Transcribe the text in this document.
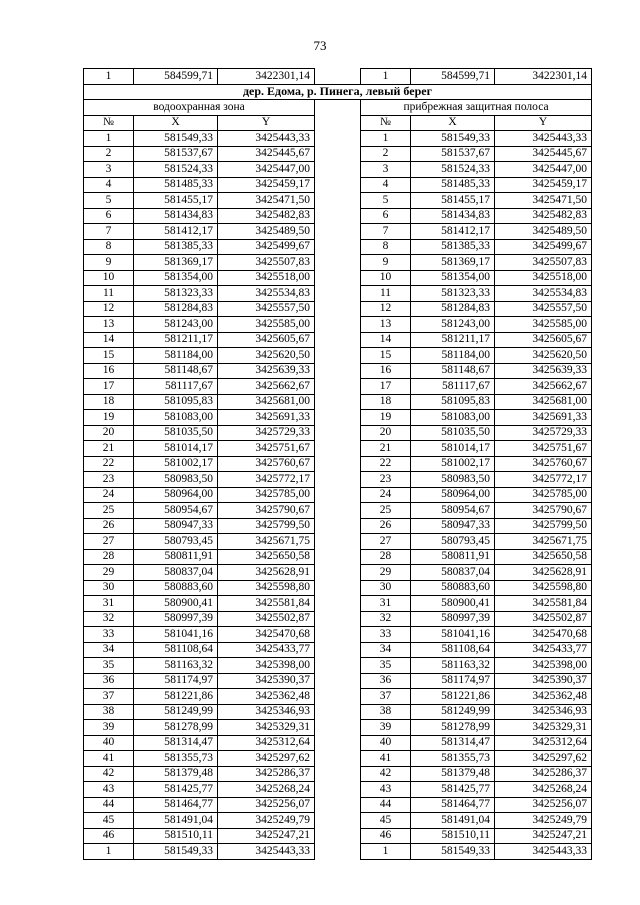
73
1	584599,71	3422301,14		1	584599,71	3422301,14
дер. Едома, р. Пинега, левый берег						
водоохранная зона				прибрежная защитная полоса		
№	X	Y		№	X	Y
1	581549,33	3425443,33		1	581549,33	3425443,33
2	581537,67	3425445,67		2	581537,67	3425445,67
3	581524,33	3425447,00		3	581524,33	3425447,00
4	581485,33	3425459,17		4	581485,33	3425459,17
5	581455,17	3425471,50		5	581455,17	3425471,50
6	581434,83	3425482,83		6	581434,83	3425482,83
7	581412,17	3425489,50		7	581412,17	3425489,50
8	581385,33	3425499,67		8	581385,33	3425499,67
9	581369,17	3425507,83		9	581369,17	3425507,83
10	581354,00	3425518,00		10	581354,00	3425518,00
11	581323,33	3425534,83		11	581323,33	3425534,83
12	581284,83	3425557,50		12	581284,83	3425557,50
13	581243,00	3425585,00		13	581243,00	3425585,00
14	581211,17	3425605,67		14	581211,17	3425605,67
15	581184,00	3425620,50		15	581184,00	3425620,50
16	581148,67	3425639,33		16	581148,67	3425639,33
17	581117,67	3425662,67		17	581117,67	3425662,67
18	581095,83	3425681,00		18	581095,83	3425681,00
19	581083,00	3425691,33		19	581083,00	3425691,33
20	581035,50	3425729,33		20	581035,50	3425729,33
21	581014,17	3425751,67		21	581014,17	3425751,67
22	581002,17	3425760,67		22	581002,17	3425760,67
23	580983,50	3425772,17		23	580983,50	3425772,17
24	580964,00	3425785,00		24	580964,00	3425785,00
25	580954,67	3425790,67		25	580954,67	3425790,67
26	580947,33	3425799,50		26	580947,33	3425799,50
27	580793,45	3425671,75		27	580793,45	3425671,75
28	580811,91	3425650,58		28	580811,91	3425650,58
29	580837,04	3425628,91		29	580837,04	3425628,91
30	580883,60	3425598,80		30	580883,60	3425598,80
31	580900,41	3425581,84		31	580900,41	3425581,84
32	580997,39	3425502,87		32	580997,39	3425502,87
33	581041,16	3425470,68		33	581041,16	3425470,68
34	581108,64	3425433,77		34	581108,64	3425433,77
35	581163,32	3425398,00		35	581163,32	3425398,00
36	581174,97	3425390,37		36	581174,97	3425390,37
37	581221,86	3425362,48		37	581221,86	3425362,48
38	581249,99	3425346,93		38	581249,99	3425346,93
39	581278,99	3425329,31		39	581278,99	3425329,31
40	581314,47	3425312,64		40	581314,47	3425312,64
41	581355,73	3425297,62		41	581355,73	3425297,62
42	581379,48	3425286,37		42	581379,48	3425286,37
43	581425,77	3425268,24		43	581425,77	3425268,24
44	581464,77	3425256,07		44	581464,77	3425256,07
45	581491,04	3425249,79		45	581491,04	3425249,79
46	581510,11	3425247,21		46	581510,11	3425247,21
1	581549,33	3425443,33		1	581549,33	3425443,33
